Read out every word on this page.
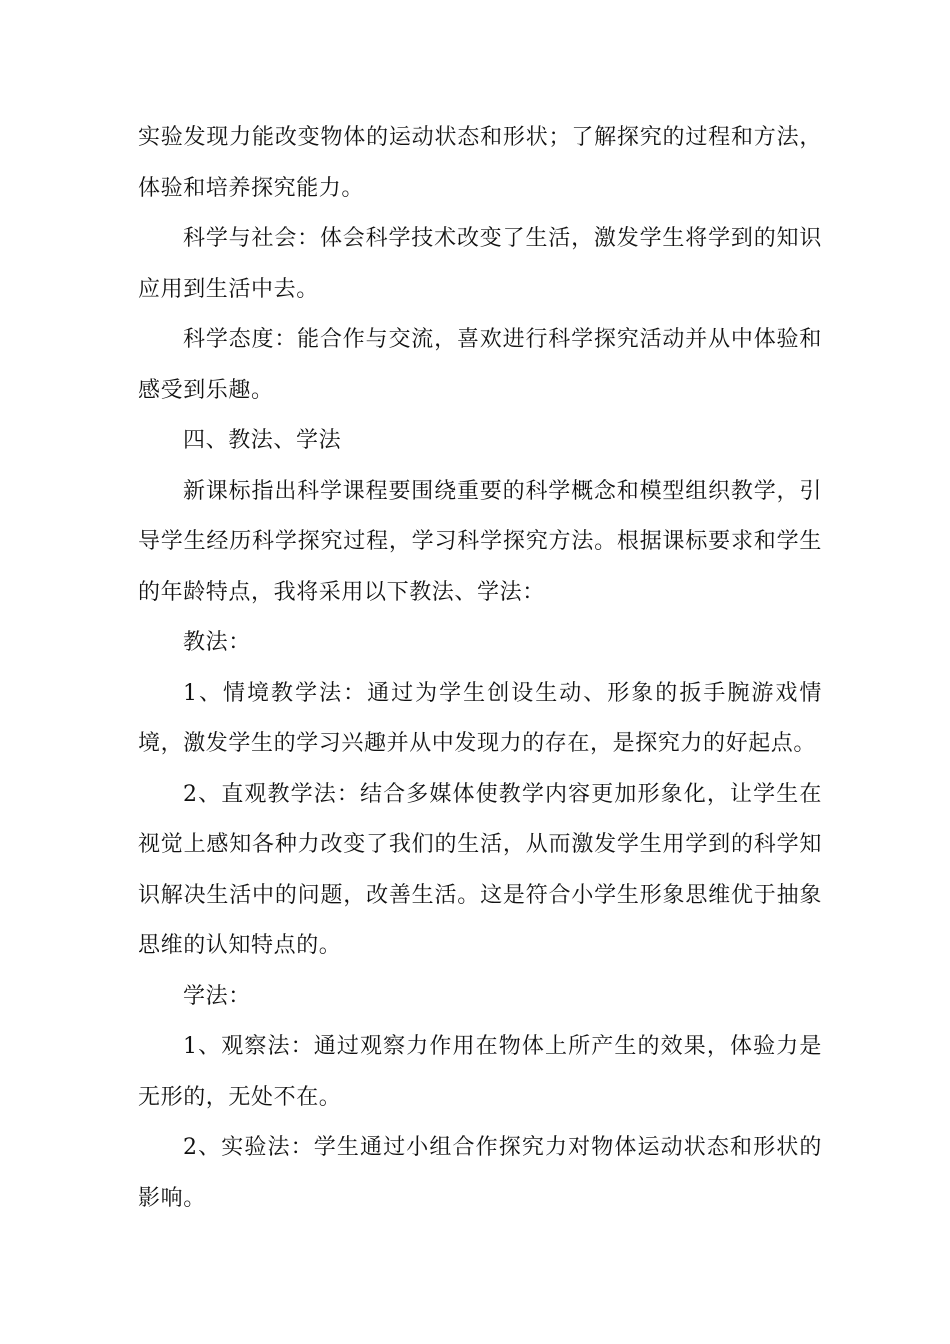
实验发现力能改变物体的运动状态和形状；了解探究的过程和方法，体验和培养探究能力。

科学与社会：体会科学技术改变了生活，激发学生将学到的知识应用到生活中去。

科学态度：能合作与交流，喜欢进行科学探究活动并从中体验和感受到乐趣。

四、教法、学法

新课标指出科学课程要围绕重要的科学概念和模型组织教学，引导学生经历科学探究过程，学习科学探究方法。根据课标要求和学生的年龄特点，我将采用以下教法、学法：

教法：

1、情境教学法：通过为学生创设生动、形象的扳手腕游戏情境，激发学生的学习兴趣并从中发现力的存在，是探究力的好起点。

2、直观教学法：结合多媒体使教学内容更加形象化，让学生在视觉上感知各种力改变了我们的生活，从而激发学生用学到的科学知识解决生活中的问题，改善生活。这是符合小学生形象思维优于抽象思维的认知特点的。

学法：

1、观察法：通过观察力作用在物体上所产生的效果，体验力是无形的，无处不在。

2、实验法：学生通过小组合作探究力对物体运动状态和形状的影响。
